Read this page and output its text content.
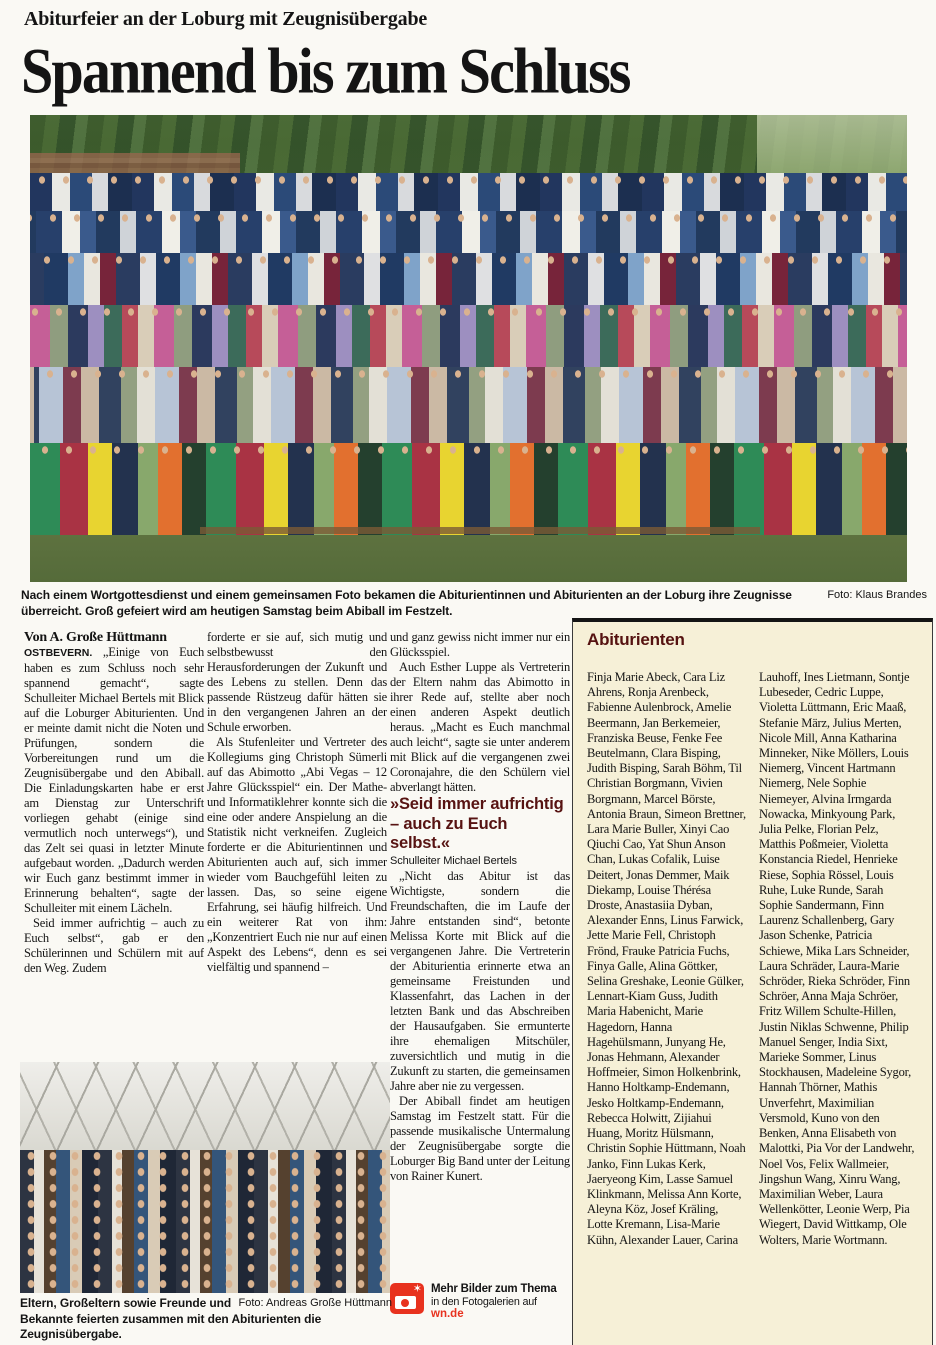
Abiturfeier an der Loburg mit Zeugnisübergabe
Spannend bis zum Schluss
Foto: Klaus Brandes
Nach einem Wortgottesdienst und einem gemeinsamen Foto bekamen die Abiturientinnen und Abiturienten an der Loburg ihre Zeugnisse überreicht. Groß gefeiert wird am heutigen Samstag beim Abiball im Festzelt.

Von A. Große Hüttmann

OSTBEVERN. „Einige von Euch haben es zum Schluss noch sehr spannend gemacht“, sagte Schulleiter Michael Bertels mit Blick auf die Loburger Abiturienten. Und er meinte damit nicht die Noten und Prüfungen, sondern die Vorbereitungen rund um die Zeugnisübergabe und den Abiball. Die Einladungskarten habe er erst am Dienstag zur Unterschrift vorliegen gehabt (einige sind vermutlich noch unterwegs“), und das Zelt sei quasi in letzter Minute aufgebaut worden. „Dadurch werden wir Euch ganz bestimmt immer in Erinnerung behalten“, sagte der Schulleiter mit einem Lächeln.

Seid immer aufrichtig – auch zu Euch selbst“, gab er den Schülerinnen und Schülern mit auf den Weg. Zudem

forderte er sie auf, sich mutig und selbstbewusst den Herausforderungen der Zukunft und des Lebens zu stellen. Denn das passende Rüstzeug dafür hätten sie in den vergangenen Jahren an der Schule erworben.

Als Stufenleiter und Vertreter des Kollegiums ging Christoph Sümerli auf das Abimotto „Abi Vegas – 12 Jahre Glücksspiel“ ein. Der Mathe- und Informatiklehrer konnte sich die eine oder andere Anspielung an die Statistik nicht verkneifen. Zugleich forderte er die Abiturientinnen und Abiturienten auch auf, sich immer wieder vom Bauchgefühl leiten zu lassen. Das, so seine eigene Erfahrung, sei häufig hilfreich. Und ein weiterer Rat von ihm: „Konzentriert Euch nie nur auf einen Aspekt des Lebens“, denn es sei vielfältig und spannend –

und ganz gewiss nicht immer nur ein Glücksspiel.

Auch Esther Luppe als Vertreterin der Eltern nahm das Abimotto in ihrer Rede auf, stellte aber noch einen anderen Aspekt deutlich heraus. „Macht es Euch manchmal auch leicht“, sagte sie unter anderem mit Blick auf die vergangenen zwei Coronajahre, die den Schülern viel abverlangt hätten.

»Seid immer aufrichtig – auch zu Euch selbst.«

Schulleiter Michael Bertels

„Nicht das Abitur ist das Wichtigste, sondern die Freundschaften, die im Laufe der Jahre entstanden sind“, betonte Melissa Korte mit Blick auf die vergangenen Jahre. Die Vertreterin der Abiturientia erinnerte etwa an gemeinsame Freistunden und Klassenfahrt, das Lachen in der letzten Bank und das Abschreiben der Hausaufgaben. Sie ermunterte ihre ehemaligen Mitschüler, zuversichtlich und mutig in die Zukunft zu starten, die gemeinsamen Jahre aber nie zu vergessen.

Der Abiball findet am heutigen Samstag im Festzelt statt. Für die passende musikalische Untermalung der Zeugnisübergabe sorgte die Loburger Big Band unter der Leitung von Rainer Kunert.

✶ Mehr Bilder zum Thema
in den Fotogalerien auf
wn.de
Abiturienten
Finja Marie Abeck, Cara Liz Ahrens, Ronja Arenbeck, Fabienne Aulenbrock, Amelie Beermann, Jan Berkemeier, Franziska Beuse, Fenke Fee Beutelmann, Clara Bisping, Judith Bisping, Sarah Böhm, Til Christian Borgmann, Vivien Borgmann, Marcel Börste, Antonia Braun, Simeon Brettner, Lara Marie Buller, Xinyi Cao Qiuchi Cao, Yat Shun Anson Chan, Lukas Cofalik, Luise Deitert, Jonas Demmer, Maik Diekamp, Louise Thérésa Droste, Anastasiia Dyban, Alexander Enns, Linus Farwick, Jette Marie Fell, Christoph Frönd, Frauke Patricia Fuchs, Finya Galle, Alina Göttker, Selina Greshake, Leonie Gülker, Lennart-Kiam Guss, Judith Maria Habenicht, Marie Hagedorn, Hanna Hagehülsmann, Junyang He, Jonas Hehmann, Alexander Hoffmeier, Simon Holkenbrink, Hanno Holtkamp-Endemann, Jesko Holtkamp-Endemann, Rebecca Holwitt, Zijiahui Huang, Moritz Hülsmann, Christin Sophie Hüttmann, Noah Janko, Finn Lukas Kerk, Jaeryeong Kim, Lasse Samuel Klinkmann, Melissa Ann Korte, Aleyna Köz, Josef Kräling, Lotte Kremann, Lisa-Marie Kühn, Alexander Lauer, Carina Lauhoff, Ines Lietmann, Sontje Lubeseder, Cedric Luppe, Violetta Lüttmann, Eric Maaß, Stefanie März, Julius Merten, Nicole Mill, Anna Katharina Minneker, Nike Möllers, Louis Niemerg, Vincent Hartmann Niemerg, Nele Sophie Niemeyer, Alvina Irmgarda Nowacka, Minkyoung Park, Julia Pelke, Florian Pelz, Matthis Poßmeier, Violetta Konstancia Riedel, Henrieke Riese, Sophia Rössel, Louis Ruhe, Luke Runde, Sarah Sophie Sandermann, Finn Laurenz Schallenberg, Gary Jason Schenke, Patricia Schiewe, Mika Lars Schneider, Laura Schräder, Laura-Marie Schröder, Rieka Schröder, Finn Schröer, Anna Maja Schröer, Fritz Willem Schulte-Hillen, Justin Niklas Schwenne, Philip Manuel Senger, India Sixt, Marieke Sommer, Linus Stockhausen, Madeleine Sygor, Hannah Thörner, Mathis Unverfehrt, Maximilian Versmold, Kuno von den Benken, Anna Elisabeth von Malottki, Pia Vor der Landwehr, Noel Vos, Felix Wallmeier, Jingshun Wang, Xinru Wang, Maximilian Weber, Laura Wellenkötter, Leonie Werp, Pia Wiegert, David Wittkamp, Ole Wolters, Marie Wortmann.
Foto: Andreas Große Hüttmann
Eltern, Großeltern sowie Freunde und Bekannte feierten zusammen mit den Abiturienten die Zeugnisübergabe.
